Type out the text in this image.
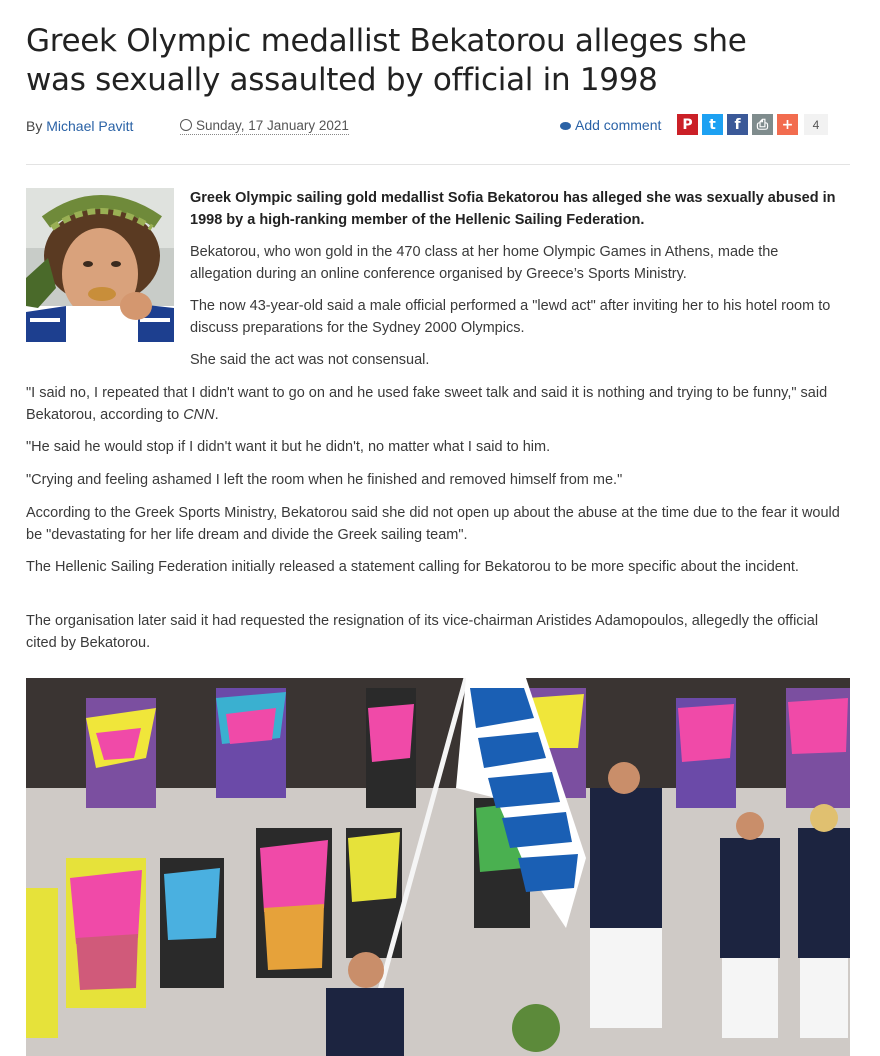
Greek Olympic medallist Bekatorou alleges she was sexually assaulted by official in 1998
By Michael Pavitt	Sunday, 17 January 2021	Add comment P t f ⎙ +	4

Greek Olympic sailing gold medallist Sofia Bekatorou has alleged she was sexually abused in 1998 by a high-ranking member of the Hellenic Sailing Federation.

Bekatorou, who won gold in the 470 class at her home Olympic Games in Athens, made the allegation during an online conference organised by Greece’s Sports Ministry.

The now 43-year-old said a male official performed a "lewd act" after inviting her to his hotel room to discuss preparations for the Sydney 2000 Olympics.

She said the act was not consensual.

"I said no, I repeated that I didn't want to go on and he used fake sweet talk and said it is nothing and trying to be funny," said Bekatorou, according to CNN.

"He said he would stop if I didn't want it but he didn't, no matter what I said to him.

"Crying and feeling ashamed I left the room when he finished and removed himself from me."

According to the Greek Sports Ministry, Bekatorou said she did not open up about the abuse at the time due to the fear it would be "devastating for her life dream and divide the Greek sailing team".

The Hellenic Sailing Federation initially released a statement calling for Bekatorou to be more specific about the incident.

The organisation later said it had requested the resignation of its vice-chairman Aristides Adamopoulos, allegedly the official cited by Bekatorou.
